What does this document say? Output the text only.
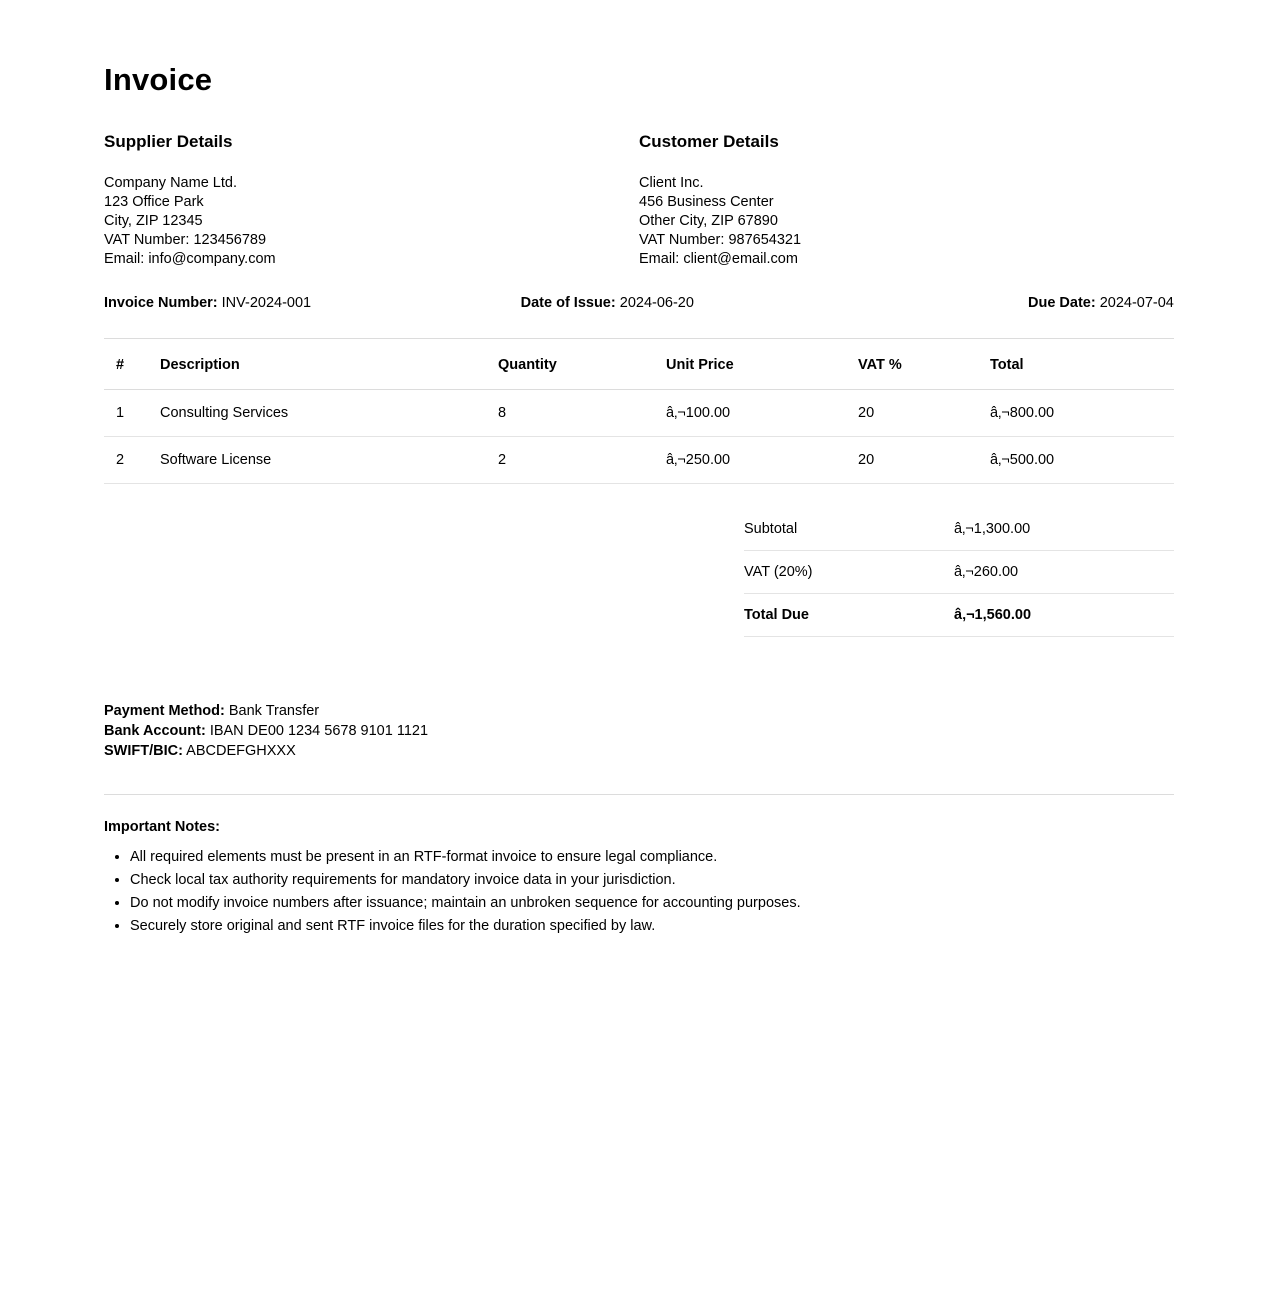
Invoice
Supplier Details

Company Name Ltd.

123 Office Park

City, ZIP 12345

VAT Number: 123456789

Email: info@company.com

Customer Details

Client Inc.

456 Business Center

Other City, ZIP 67890

VAT Number: 987654321

Email: client@email.com

Invoice Number: INV-2024-001	Date of Issue: 2024-06-20	Due Date: 2024-07-04
#	Description	Quantity	Unit Price	VAT %	Total
1	Consulting Services	8	â‚¬100.00	20	â‚¬800.00
2	Software License	2	â‚¬250.00	20	â‚¬500.00
Subtotal	â‚¬1,300.00
VAT (20%)	â‚¬260.00
Total Due	â‚¬1,560.00
Payment Method: Bank Transfer
Bank Account: IBAN DE00 1234 5678 9101 1121
SWIFT/BIC: ABCDEFGHXXX
Important Notes:
• All required elements must be present in an RTF-format invoice to ensure legal compliance.
• Check local tax authority requirements for mandatory invoice data in your jurisdiction.
• Do not modify invoice numbers after issuance; maintain an unbroken sequence for accounting purposes.
• Securely store original and sent RTF invoice files for the duration specified by law.
